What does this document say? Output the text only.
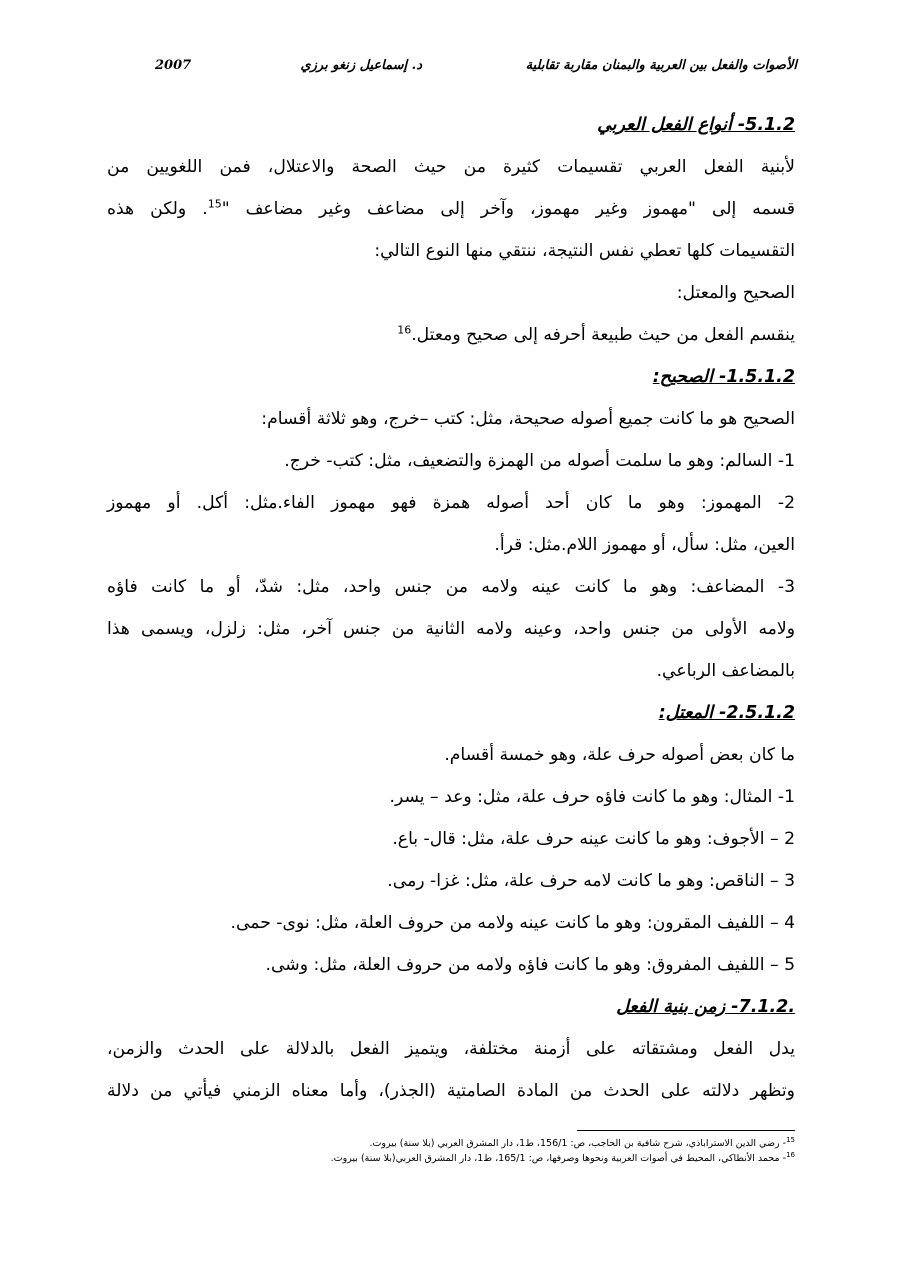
الأصوات والفعل بين العربية والبمنان مقاربة تقابلية
د. إسماعيل زنغو برزي
2007
5.1.2- أنواع الفعل العربي

لأبنية الفعل العربي تقسيمات كثيرة من حيث الصحة والاعتلال، فمن اللغويين من

قسمه إلى "مهموز وغير مهموز، وآخر إلى مضاعف وغير مضاعف "$^{15}$. ولكن هذه

التقسيمات كلها تعطي نفس النتيجة، ننتقي منها النوع التالي:

الصحيح والمعتل:

ينقسم الفعل من حيث طبيعة أحرفه إلى صحيح ومعتل.$^{16}$

1.5.1.2- الصحيح:

الصحيح هو ما كانت جميع أصوله صحيحة، مثل: كتب –خرج، وهو ثلاثة أقسام:

1- السالم: وهو ما سلمت أصوله من الهمزة والتضعيف، مثل: كتب- خرج.

2- المهموز: وهو ما كان أحد أصوله همزة فهو مهموز الفاء.مثل: أكل. أو مهموز

العين، مثل: سأل، أو مهموز اللام.مثل: قرأ.

3- المضاعف: وهو ما كانت عينه ولامه من جنس واحد، مثل: شدّ، أو ما كانت فاؤه

ولامه الأولى من جنس واحد، وعينه ولامه الثانية من جنس آخر، مثل: زلزل، ويسمى هذا

بالمضاعف الرباعي.

2.5.1.2- المعتل:

ما كان بعض أصوله حرف علة، وهو خمسة أقسام.

1- المثال: وهو ما كانت فاؤه حرف علة، مثل: وعد – يسر.

2 – الأجوف: وهو ما كانت عينه حرف علة، مثل: قال- باع.

3 – الناقص: وهو ما كانت لامه حرف علة، مثل: غزا- رمى.

4 – اللفيف المقرون: وهو ما كانت عينه ولامه من حروف العلة، مثل: نوى- حمى.

5 – اللفيف المفروق: وهو ما كانت فاؤه ولامه من حروف العلة، مثل: وشى.

.7.1.2- زمن بنية الفعل

يدل الفعل ومشتقاته على أزمنة مختلفة، ويتميز الفعل بالدلالة على الحدث والزمن،

وتظهر دلالته على الحدث من المادة الصامتية (الجذر)، وأما معناه الزمني فيأتي من دلالة

$^{15}$- رضي الدين الاستراباذي، شرح شافية بن الحاجب، ص: 156/1، ط1، دار المشرق العربي (بلا سنة) بيروت.

$^{16}$- محمد الأنطاكي، المحيط في أصوات العربية ونحوها وصرفها، ص: 165/1، ط1، دار المشرق العربي(بلا سنة) بيروت.
